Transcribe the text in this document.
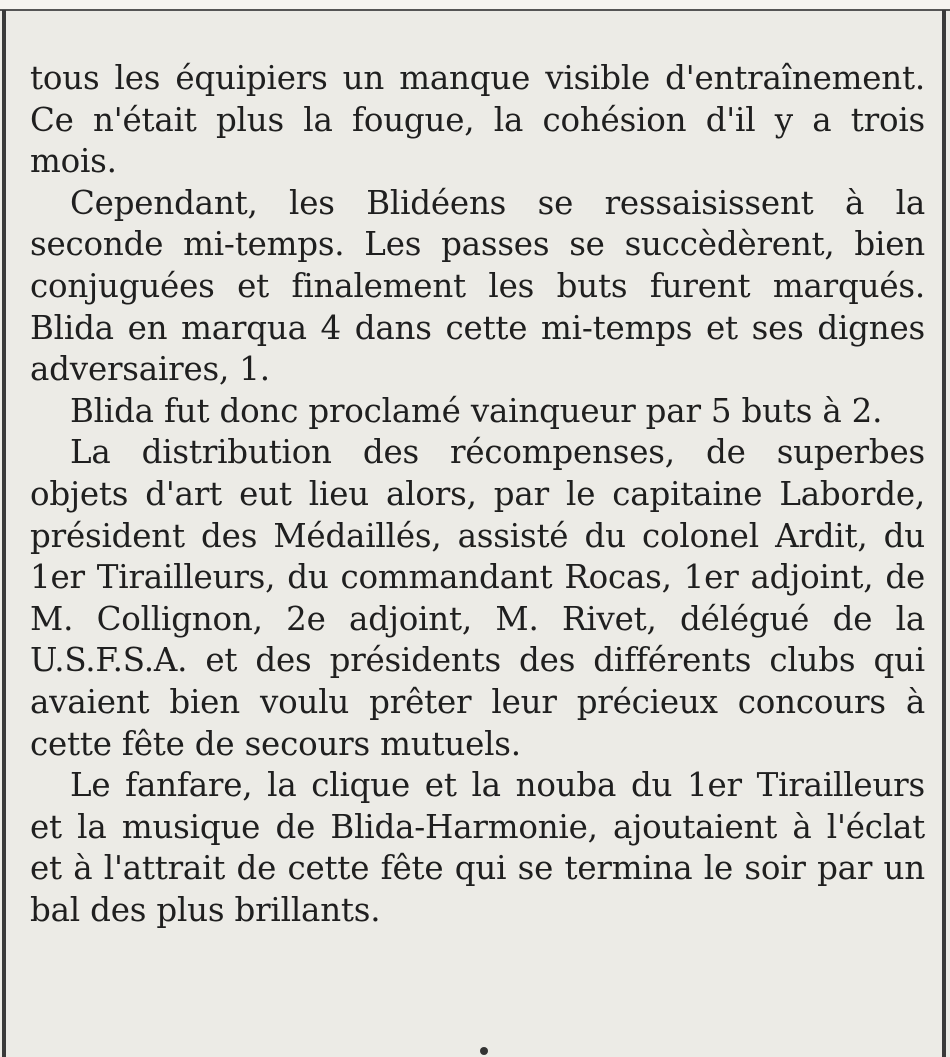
tous les équipiers un manque visible d'entraînement. Ce n'était plus la fougue, la cohésion d'il y a trois mois.

Cependant, les Blidéens se ressaisissent à la seconde mi-temps. Les passes se succèdèrent, bien conjuguées et finalement les buts furent marqués. Blida en marqua 4 dans cette mi-temps et ses dignes adversaires, 1.

Blida fut donc proclamé vainqueur par 5 buts à 2.

La distribution des récompenses, de superbes objets d'art eut lieu alors, par le capitaine Laborde, président des Médaillés, assisté du colonel Ardit, du 1er Tirailleurs, du commandant Rocas, 1er adjoint, de M. Collignon, 2e adjoint, M. Rivet, délégué de la U.S.F.S.A. et des présidents des différents clubs qui avaient bien voulu prêter leur précieux concours à cette fête de secours mutuels.

Le fanfare, la clique et la nouba du 1er Tirailleurs et la musique de Blida-Harmonie, ajoutaient à l'éclat et à l'attrait de cette fête qui se termina le soir par un bal des plus brillants.
